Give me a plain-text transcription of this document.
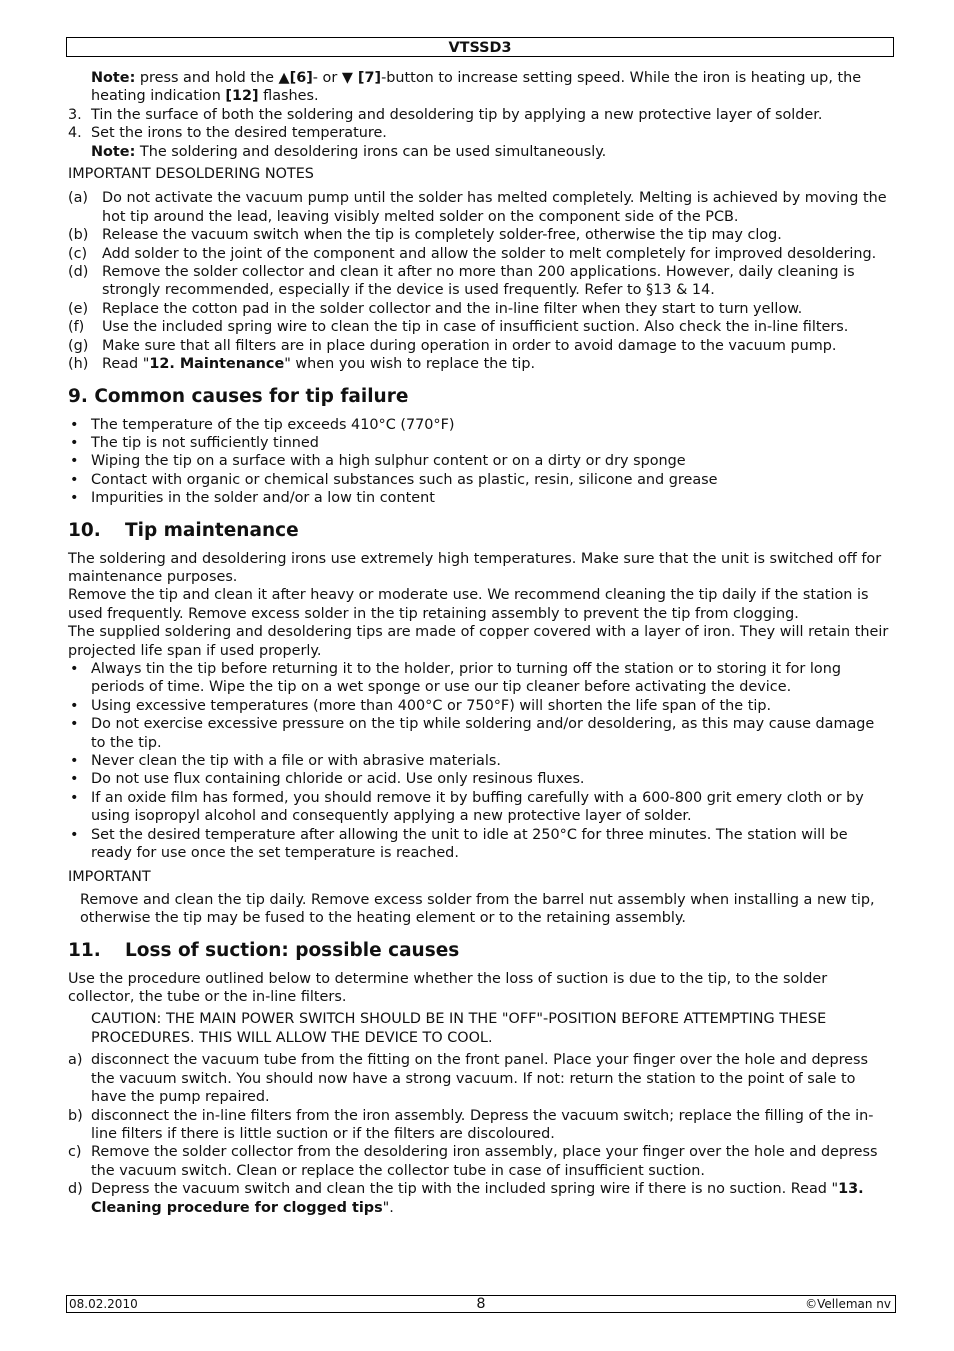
VTSSD3
Note: press and hold the ▲[6]- or ▼ [7]-button to increase setting speed. While the iron is heating up, the heating indication [12] flashes.
3. Tin the surface of both the soldering and desoldering tip by applying a new protective layer of solder.
4. Set the irons to the desired temperature.
Note: The soldering and desoldering irons can be used simultaneously.
IMPORTANT DESOLDERING NOTES
(a) Do not activate the vacuum pump until the solder has melted completely. Melting is achieved by moving the hot tip around the lead, leaving visibly melted solder on the component side of the PCB.
(b) Release the vacuum switch when the tip is completely solder-free, otherwise the tip may clog.
(c) Add solder to the joint of the component and allow the solder to melt completely for improved desoldering.
(d) Remove the solder collector and clean it after no more than 200 applications. However, daily cleaning is strongly recommended, especially if the device is used frequently. Refer to §13 & 14.
(e) Replace the cotton pad in the solder collector and the in-line filter when they start to turn yellow.
(f) Use the included spring wire to clean the tip in case of insufficient suction. Also check the in-line filters.
(g) Make sure that all filters are in place during operation in order to avoid damage to the vacuum pump.
(h) Read "12. Maintenance" when you wish to replace the tip.
9. Common causes for tip failure
• The temperature of the tip exceeds 410°C (770°F)
• The tip is not sufficiently tinned
• Wiping the tip on a surface with a high sulphur content or on a dirty or dry sponge
• Contact with organic or chemical substances such as plastic, resin, silicone and grease
• Impurities in the solder and/or a low tin content
10. Tip maintenance
The soldering and desoldering irons use extremely high temperatures. Make sure that the unit is switched off for maintenance purposes.
Remove the tip and clean it after heavy or moderate use. We recommend cleaning the tip daily if the station is used frequently. Remove excess solder in the tip retaining assembly to prevent the tip from clogging.
The supplied soldering and desoldering tips are made of copper covered with a layer of iron. They will retain their projected life span if used properly.
• Always tin the tip before returning it to the holder, prior to turning off the station or to storing it for long periods of time. Wipe the tip on a wet sponge or use our tip cleaner before activating the device.
• Using excessive temperatures (more than 400°C or 750°F) will shorten the life span of the tip.
• Do not exercise excessive pressure on the tip while soldering and/or desoldering, as this may cause damage to the tip.
• Never clean the tip with a file or with abrasive materials.
• Do not use flux containing chloride or acid. Use only resinous fluxes.
• If an oxide film has formed, you should remove it by buffing carefully with a 600-800 grit emery cloth or by using isopropyl alcohol and consequently applying a new protective layer of solder.
• Set the desired temperature after allowing the unit to idle at 250°C for three minutes. The station will be ready for use once the set temperature is reached.
IMPORTANT
Remove and clean the tip daily. Remove excess solder from the barrel nut assembly when installing a new tip, otherwise the tip may be fused to the heating element or to the retaining assembly.
11. Loss of suction: possible causes
Use the procedure outlined below to determine whether the loss of suction is due to the tip, to the solder collector, the tube or the in-line filters.
CAUTION: THE MAIN POWER SWITCH SHOULD BE IN THE "OFF"-POSITION BEFORE ATTEMPTING THESE PROCEDURES. THIS WILL ALLOW THE DEVICE TO COOL.
a) disconnect the vacuum tube from the fitting on the front panel. Place your finger over the hole and depress the vacuum switch. You should now have a strong vacuum. If not: return the station to the point of sale to have the pump repaired.
b) disconnect the in-line filters from the iron assembly. Depress the vacuum switch; replace the filling of the in-line filters if there is little suction or if the filters are discoloured.
c) Remove the solder collector from the desoldering iron assembly, place your finger over the hole and depress the vacuum switch. Clean or replace the collector tube in case of insufficient suction.
d) Depress the vacuum switch and clean the tip with the included spring wire if there is no suction. Read "13. Cleaning procedure for clogged tips".
08.02.2010	8	©Velleman nv
